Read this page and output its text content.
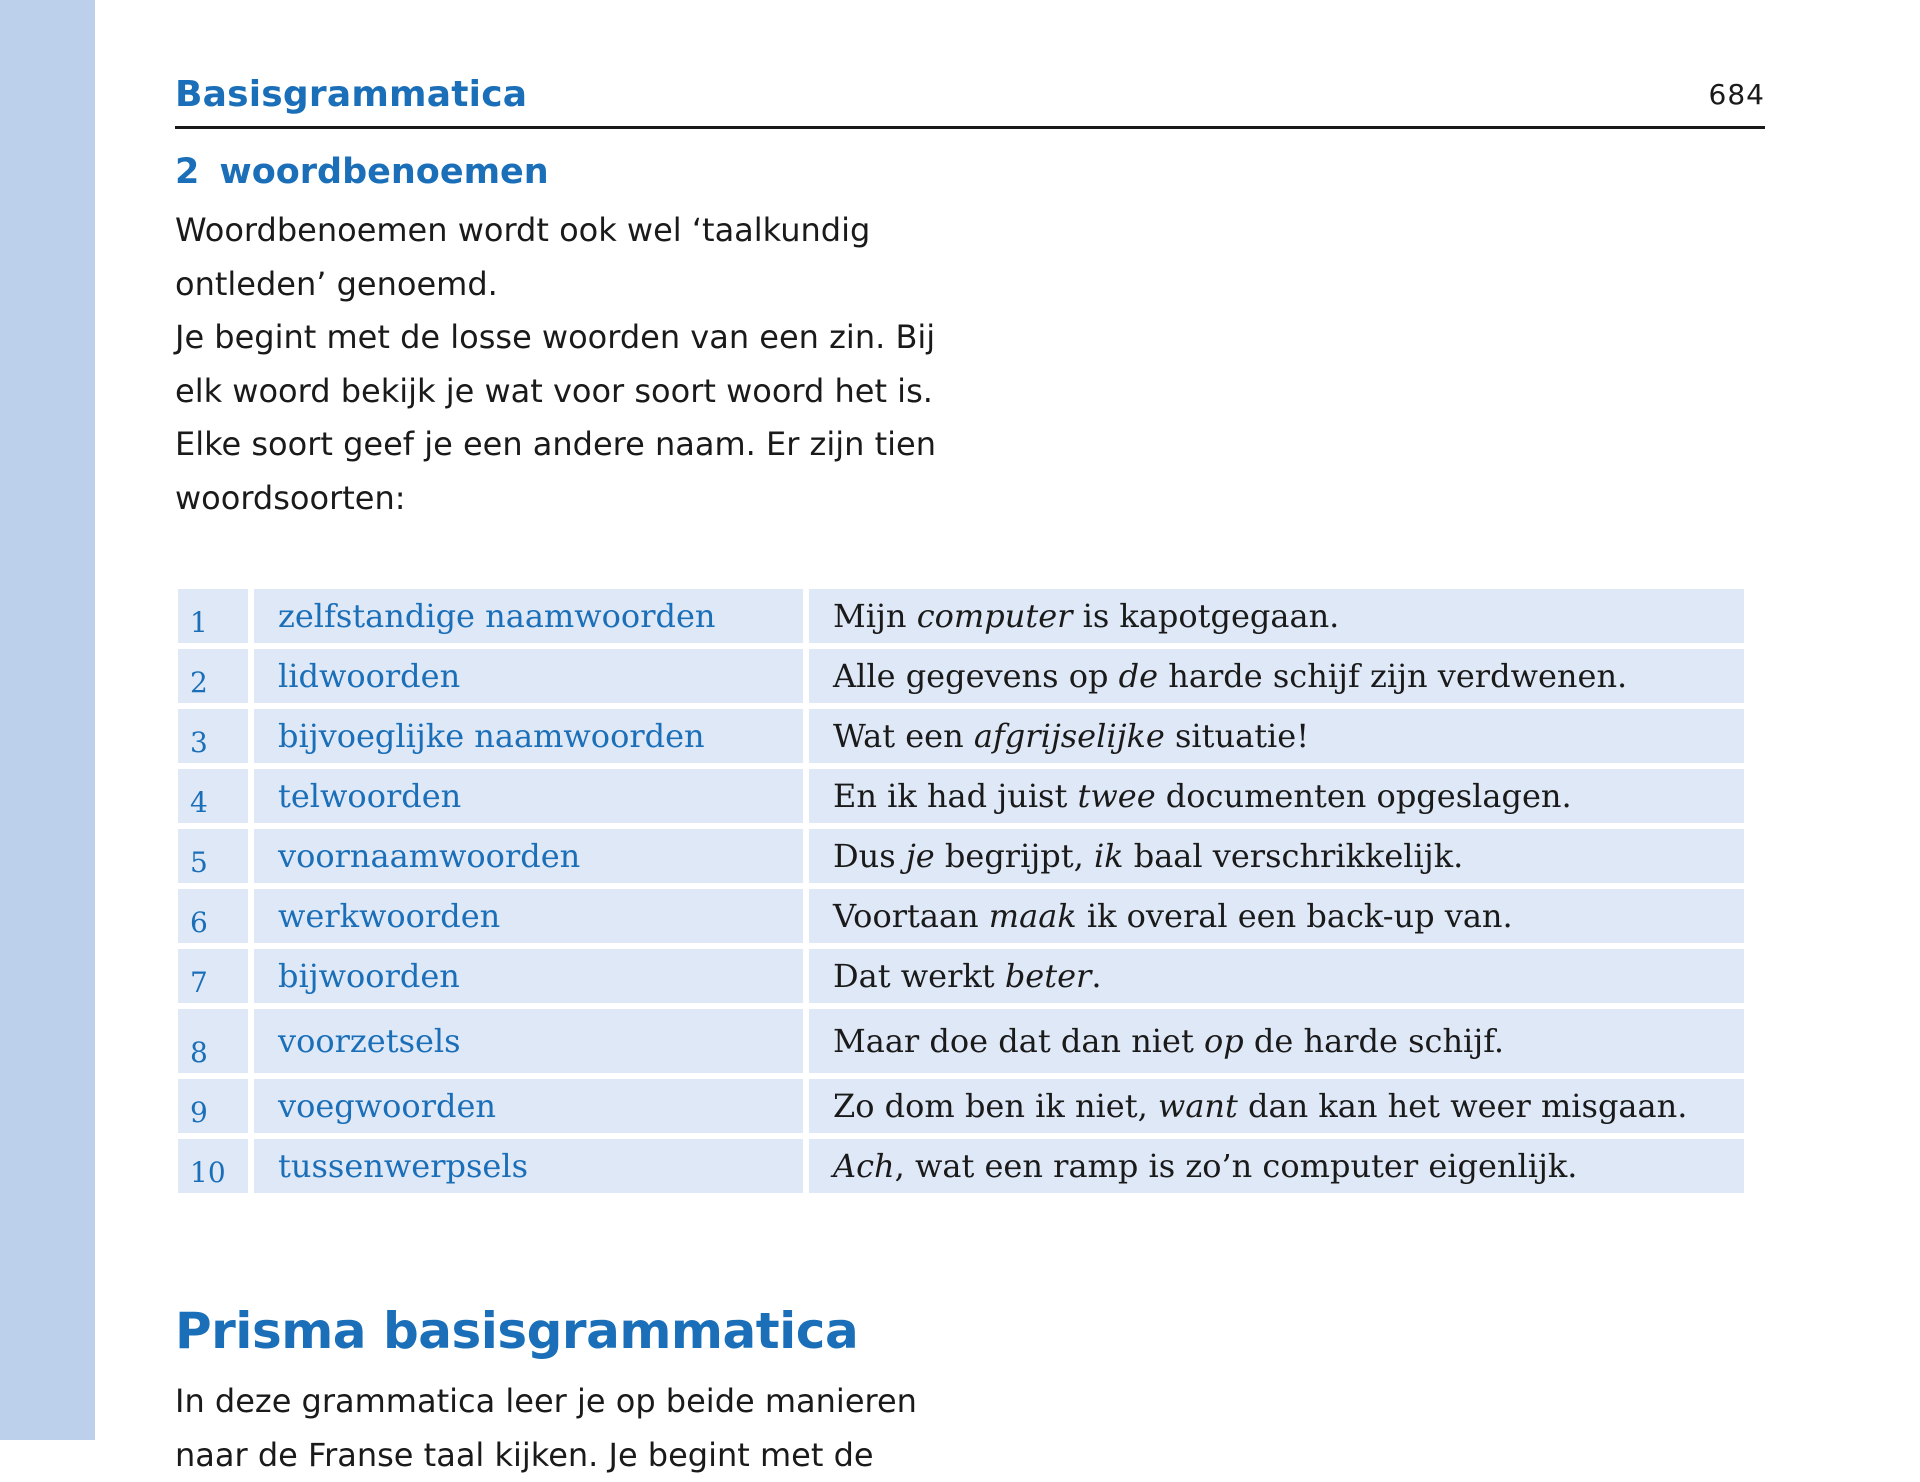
Basisgrammatica	684
2 woordbenoemen

Woordbenoemen wordt ook wel ‘taalkundig

ontleden’ genoemd.

Je begint met de losse woorden van een zin. Bij

elk woord bekijk je wat voor soort woord het is.

Elke soort geef je een andere naam. Er zijn tien

woordsoorten:

1	zelfstandige naamwoorden	Mijn computer is kapotgegaan.
2	lidwoorden	Alle gegevens op de harde schijf zijn verdwenen.
3	bijvoeglijke naamwoorden	Wat een afgrijselijke situatie!
4	telwoorden	En ik had juist twee documenten opgeslagen.
5	voornaamwoorden	Dus je begrijpt, ik baal verschrikkelijk.
6	werkwoorden	Voortaan maak ik overal een back-up van.
7	bijwoorden	Dat werkt beter.
8	voorzetsels	Maar doe dat dan niet op de harde schijf.
9	voegwoorden	Zo dom ben ik niet, want dan kan het weer misgaan.
10	tussenwerpsels	Ach, wat een ramp is zo’n computer eigenlijk.
Prisma basisgrammatica

In deze grammatica leer je op beide manieren

naar de Franse taal kijken. Je begint met de
